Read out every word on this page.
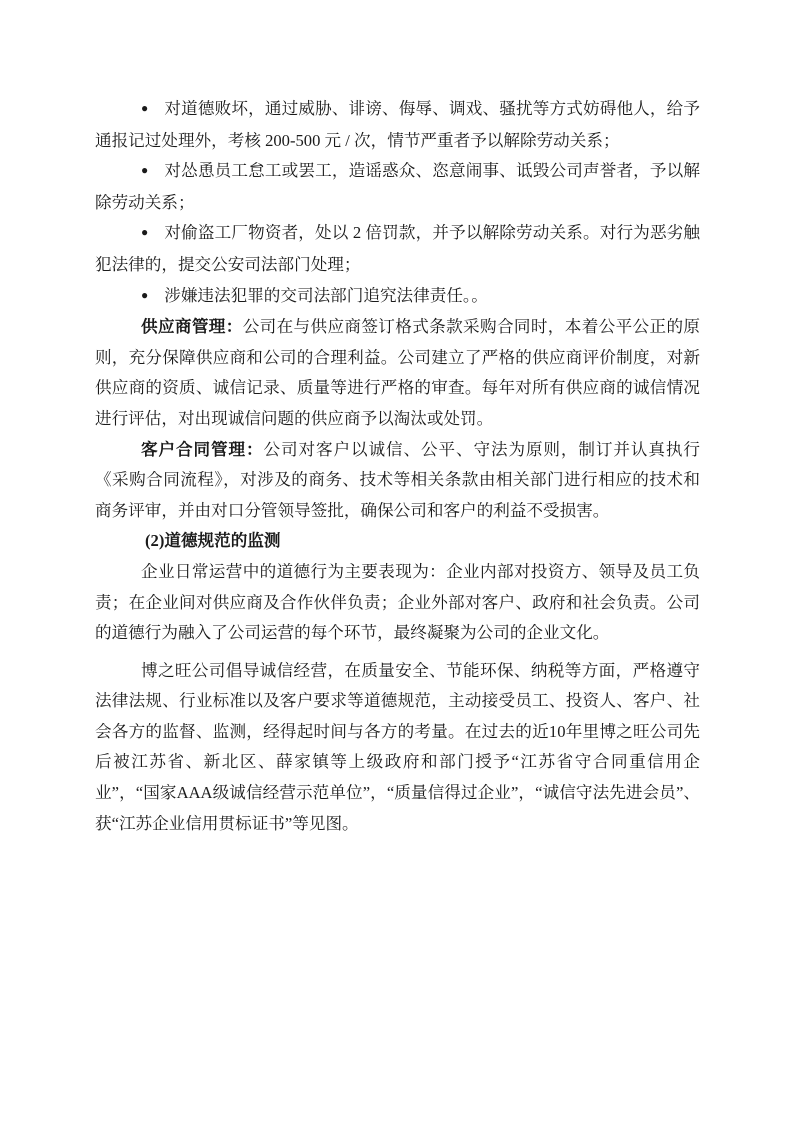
● 对道德败坏，通过威胁、诽谤、侮辱、调戏、骚扰等方式妨碍他人，给予通报记过处理外，考核 200-500 元 / 次，情节严重者予以解除劳动关系；

● 对怂恿员工怠工或罢工，造谣惑众、恣意闹事、诋毁公司声誉者，予以解除劳动关系；

● 对偷盗工厂物资者，处以 2 倍罚款，并予以解除劳动关系。对行为恶劣触犯法律的，提交公安司法部门处理；

● 涉嫌违法犯罪的交司法部门追究法律责任。。

供应商管理：公司在与供应商签订格式条款采购合同时，本着公平公正的原则，充分保障供应商和公司的合理利益。公司建立了严格的供应商评价制度，对新供应商的资质、诚信记录、质量等进行严格的审查。每年对所有供应商的诚信情况进行评估，对出现诚信问题的供应商予以淘汰或处罚。

客户合同管理：公司对客户以诚信、公平、守法为原则，制订并认真执行《采购合同流程》，对涉及的商务、技术等相关条款由相关部门进行相应的技术和商务评审，并由对口分管领导签批，确保公司和客户的利益不受损害。

(2)道德规范的监测

企业日常运营中的道德行为主要表现为：企业内部对投资方、领导及员工负责；在企业间对供应商及合作伙伴负责；企业外部对客户、政府和社会负责。公司的道德行为融入了公司运营的每个环节，最终凝聚为公司的企业文化。

博之旺公司倡导诚信经营，在质量安全、节能环保、纳税等方面，严格遵守法律法规、行业标准以及客户要求等道德规范，主动接受员工、投资人、客户、社会各方的监督、监测，经得起时间与各方的考量。在过去的近10年里博之旺公司先后被江苏省、新北区、薛家镇等上级政府和部门授予“江苏省守合同重信用企业”，“国家AAA级诚信经营示范单位”，“质量信得过企业”，“诚信守法先进会员”、获“江苏企业信用贯标证书”等见图。
